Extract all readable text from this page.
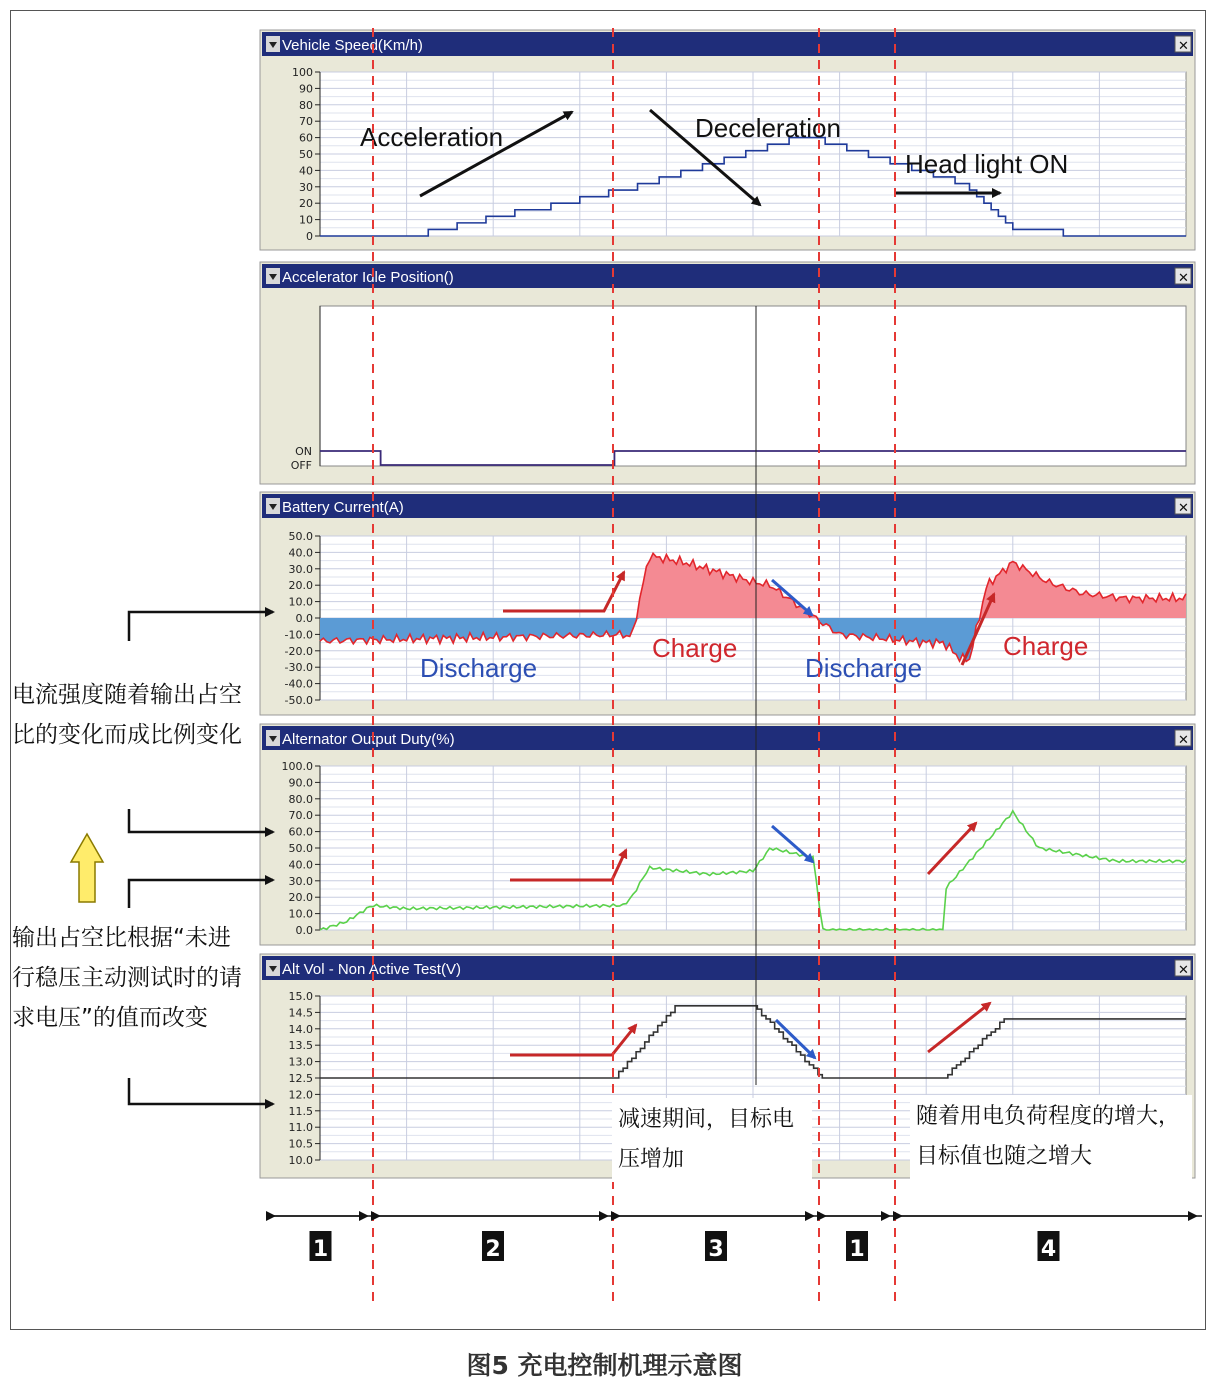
Vehicle Speed(Km/h)	✕
100
90
80
70
60
50
40
30
20
10
0
Accelerator Idle Position()	✕
Battery Current(A)	✕
50.0
40.0
30.0
20.0
10.0
0.0
-10.0
-20.0
-30.0
-40.0
-50.0
Alternator Output Duty(%)	✕
100.0
90.0
80.0
70.0
60.0
50.0
40.0
30.0
20.0
10.0
0.0
Alt Vol - Non Active Test(V)	✕
15.0
14.5
14.0
13.5
13.0
12.5
12.0
11.5
11.0
10.5
10.0
Acceleration	Deceleration
Head light ON
ON
OFF
Discharge
Charge
Discharge
Charge
1	2	3	1	4
电流强度随着输出占空比的变化而成比例变化
输出占空比根据“未进行稳压主动测试时的请求电压”的值而改变
减速期间，目标电压增加
随着用电负荷程度的增大，目标值也随之增大
图5 充电控制机理示意图
